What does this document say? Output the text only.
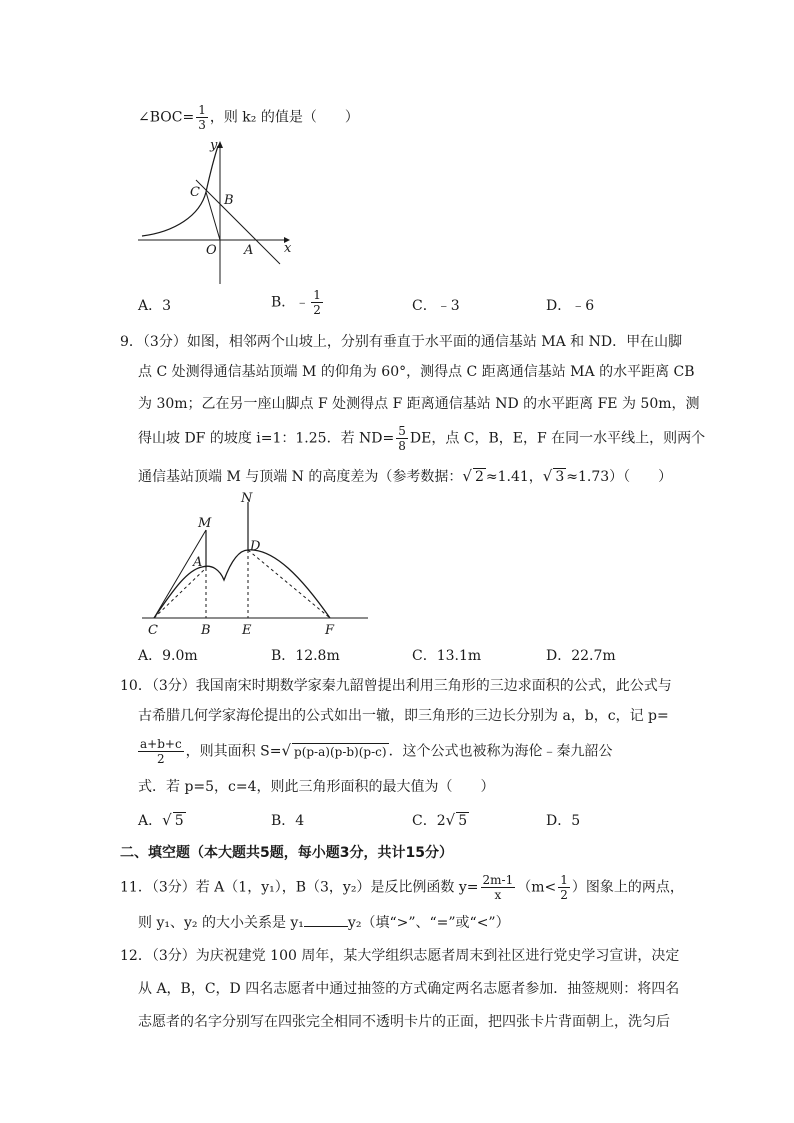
∠BOC= $\frac{1}{3}$ ，则 k₂ 的值是（　　）
y
x
C
B
O A
A．3	B．﹣ $\frac{1}{2}$	C．﹣3	D．﹣6
9．（3分）如图，相邻两个山坡上，分别有垂直于水平面的通信基站 MA 和 ND．甲在山脚
点 C 处测得通信基站顶端 M 的仰角为 60°，测得点 C 距离通信基站 MA 的水平距离 CB
为 30m；乙在另一座山脚点 F 处测得点 F 距离通信基站 ND 的水平距离 FE 为 50m，测
得山坡 DF 的坡度 i=1：1.25．若 $ND= \frac{5}{8}$ DE，点 C，B，E，F 在同一水平线上，则两个
通信基站顶端 M 与顶端 N 的高度差为（参考数据：√ 2 ≈1.41，√ 3 ≈1.73）（　　）
N
M
A
D
C	B E	F
A．9.0m	B．12.8m	C．13.1m	D．22.7m
10．（3分）我国南宋时期数学家秦九韶曾提出利用三角形的三边求面积的公式，此公式与
古希腊几何学家海伦提出的公式如出一辙，即三角形的三边长分别为 a，b，c，记 p=
$\frac{a+b+c}{2}$ ，则其面积 S=√ p(p-a)(p-b)(p-c) ．这个公式也被称为海伦﹣秦九韶公
式．若 p=5，c=4，则此三角形面积的最大值为（　　）
A．√ 5	B．4	C．2√ 5	D．5
二、填空题（本大题共5题，每小题3分，共计15分）
11．（3分）若 A（1，y₁），B（3，y₂）是反比例函数 $y= \frac{2m-1}{x} (m< \frac{1}{2}$ ）图象上的两点，
则 y₁、y₂ 的大小关系是 y₁	y₂（填“>”、“=”或“<”）
12．（3分）为庆祝建党 100 周年，某大学组织志愿者周末到社区进行党史学习宣讲，决定
从 A，B，C，D 四名志愿者中通过抽签的方式确定两名志愿者参加．抽签规则：将四名
志愿者的名字分别写在四张完全相同不透明卡片的正面，把四张卡片背面朝上，洗匀后
